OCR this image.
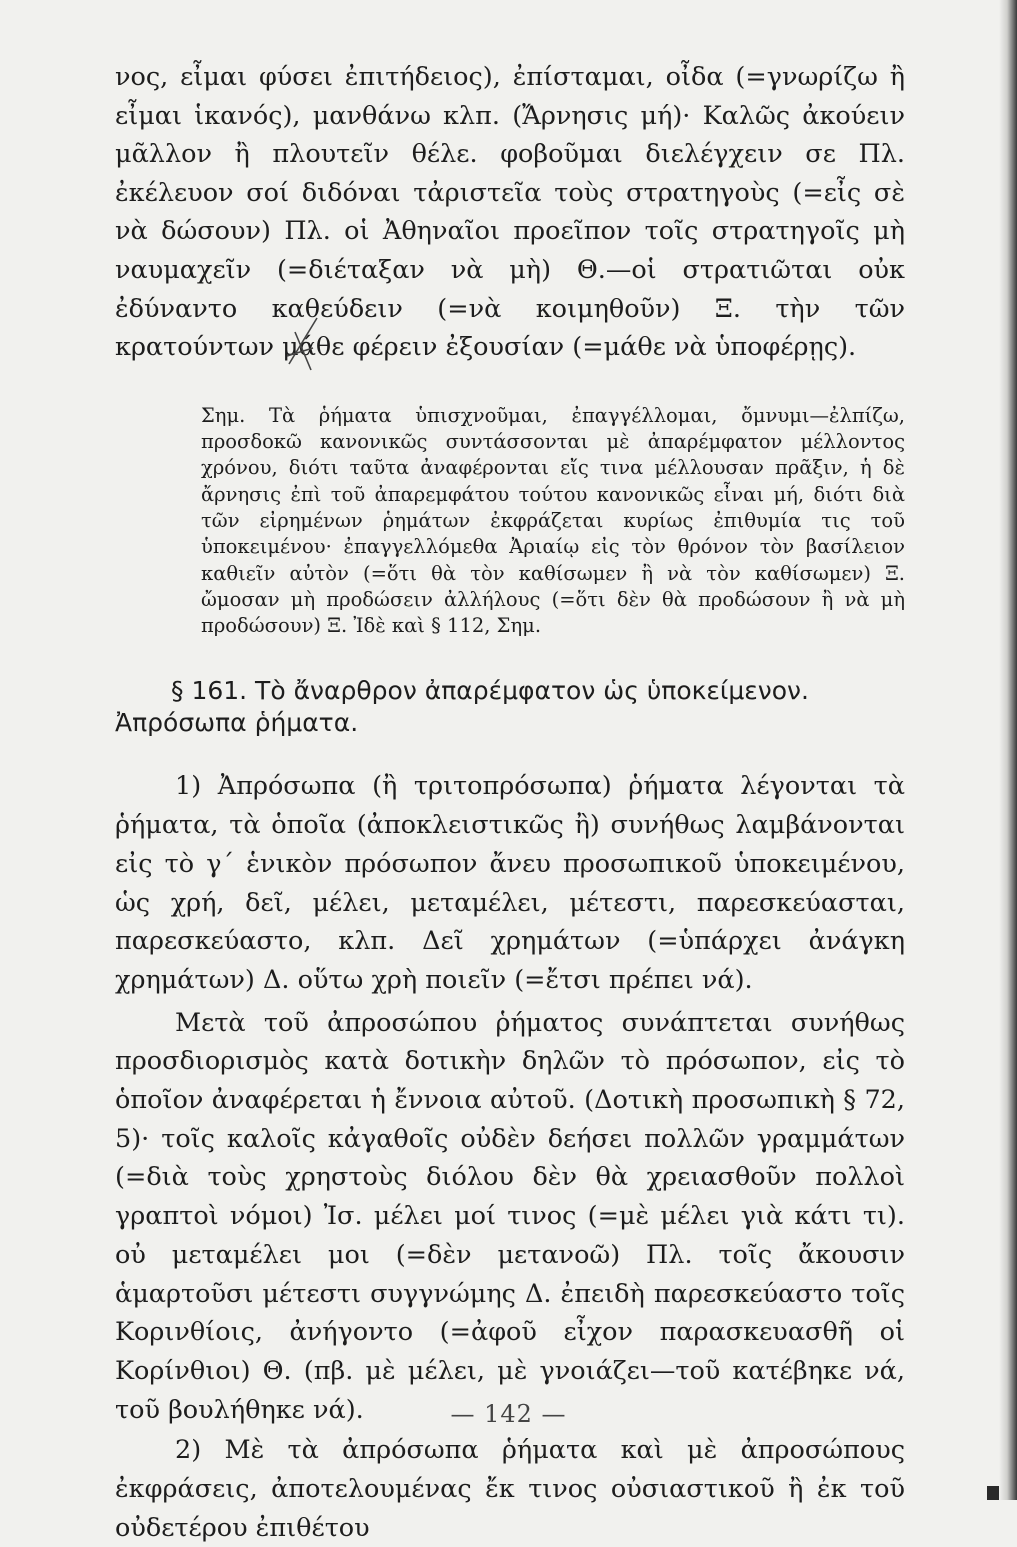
νος, εἶμαι φύσει ἐπιτήδειος), ἐπίσταμαι, οἶδα (=γνωρίζω ἢ εἶμαι ἱκανός), μανθάνω κλπ. (Ἄρνησις μή)· Καλῶς ἀκούειν μᾶλλον ἢ πλουτεῖν θέλε. φοβοῦμαι διελέγχειν σε Πλ. ἐκέλευον σοί διδόναι τἀριστεῖα τοὺς στρατηγοὺς (=εἶς σὲ νὰ δώσουν) Πλ. οἱ Ἀθηναῖοι προεῖπον τοῖς στρατηγοῖς μὴ ναυμαχεῖν (=διέταξαν νὰ μὴ) Θ.—οἱ στρατιῶται οὐκ ἐδύναντο καθεύδειν (=νὰ κοιμηθοῦν) Ξ. τὴν τῶν κρατούντων μάθε φέρειν ἐξουσίαν (=μάθε νὰ ὑποφέρῃς).

Σημ. Τὰ ῥήματα ὑπισχνοῦμαι, ἐπαγγέλλομαι, ὄμνυμι—ἐλπίζω, προσδοκῶ κανονικῶς συντάσσονται μὲ ἀπαρέμφατον μέλλοντος χρόνου, διότι ταῦτα ἀναφέρονται εἴς τινα μέλλουσαν πρᾶξιν, ἡ δὲ ἄρνησις ἐπὶ τοῦ ἀπαρεμφάτου τούτου κανονικῶς εἶναι μή, διότι διὰ τῶν εἰρημένων ῥημάτων ἐκφράζεται κυρίως ἐπιθυμία τις τοῦ ὑποκειμένου· ἐπαγγελλόμεθα Ἀριαίῳ εἰς τὸν θρόνον τὸν βασίλειον καθιεῖν αὐτὸν (=ὅτι θὰ τὸν καθίσωμεν ἢ νὰ τὸν καθίσωμεν) Ξ. ὤμοσαν μὴ προδώσειν ἀλλήλους (=ὅτι δὲν θὰ προδώσουν ἢ νὰ μὴ προδώσουν) Ξ. Ἰδὲ καὶ § 112, Σημ.

§ 161. Τὸ ἄναρθρον ἀπαρέμφατον ὡς ὑποκείμενον.
Ἀπρόσωπα ῥήματα.

1) Ἀπρόσωπα (ἢ τριτοπρόσωπα) ῥήματα λέγονται τὰ ῥήματα, τὰ ὁποῖα (ἀποκλειστικῶς ἢ) συνήθως λαμβάνονται εἰς τὸ γ΄ ἑνικὸν πρόσωπον ἄνευ προσωπικοῦ ὑποκειμένου, ὡς χρή, δεῖ, μέλει, μεταμέλει, μέτεστι, παρεσκεύασται, παρεσκεύαστο, κλπ. Δεῖ χρημάτων (=ὑπάρχει ἀνάγκη χρημάτων) Δ. οὕτω χρὴ ποιεῖν (=ἔτσι πρέπει νά).

Μετὰ τοῦ ἀπροσώπου ῥήματος συνάπτεται συνήθως προσδιορισμὸς κατὰ δοτικὴν δηλῶν τὸ πρόσωπον, εἰς τὸ ὁποῖον ἀναφέρεται ἡ ἔννοια αὐτοῦ. (Δοτικὴ προσωπικὴ § 72, 5)· τοῖς καλοῖς κἀγαθοῖς οὐδὲν δεήσει πολλῶν γραμμάτων (=διὰ τοὺς χρηστοὺς διόλου δὲν θὰ χρειασθοῦν πολλοὶ γραπτοὶ νόμοι) Ἰσ. μέλει μοί τινος (=μὲ μέλει γιὰ κάτι τι). οὐ μεταμέλει μοι (=δὲν μετανοῶ) Πλ. τοῖς ἄκουσιν ἁμαρτοῦσι μέτεστι συγγνώμης Δ. ἐπειδὴ παρεσκεύαστο τοῖς Κορινθίοις, ἀνήγοντο (=ἀφοῦ εἶχον παρασκευασθῆ οἱ Κορίνθιοι) Θ. (πβ. μὲ μέλει, μὲ γνοιάζει—τοῦ κατέβηκε νά, τοῦ βουλήθηκε νά).

2) Μὲ τὰ ἀπρόσωπα ῥήματα καὶ μὲ ἀπροσώπους ἐκφράσεις, ἀποτελουμένας ἔκ τινος οὐσιαστικοῦ ἢ ἐκ τοῦ οὐδετέρου ἐπιθέτου

— 142 —
